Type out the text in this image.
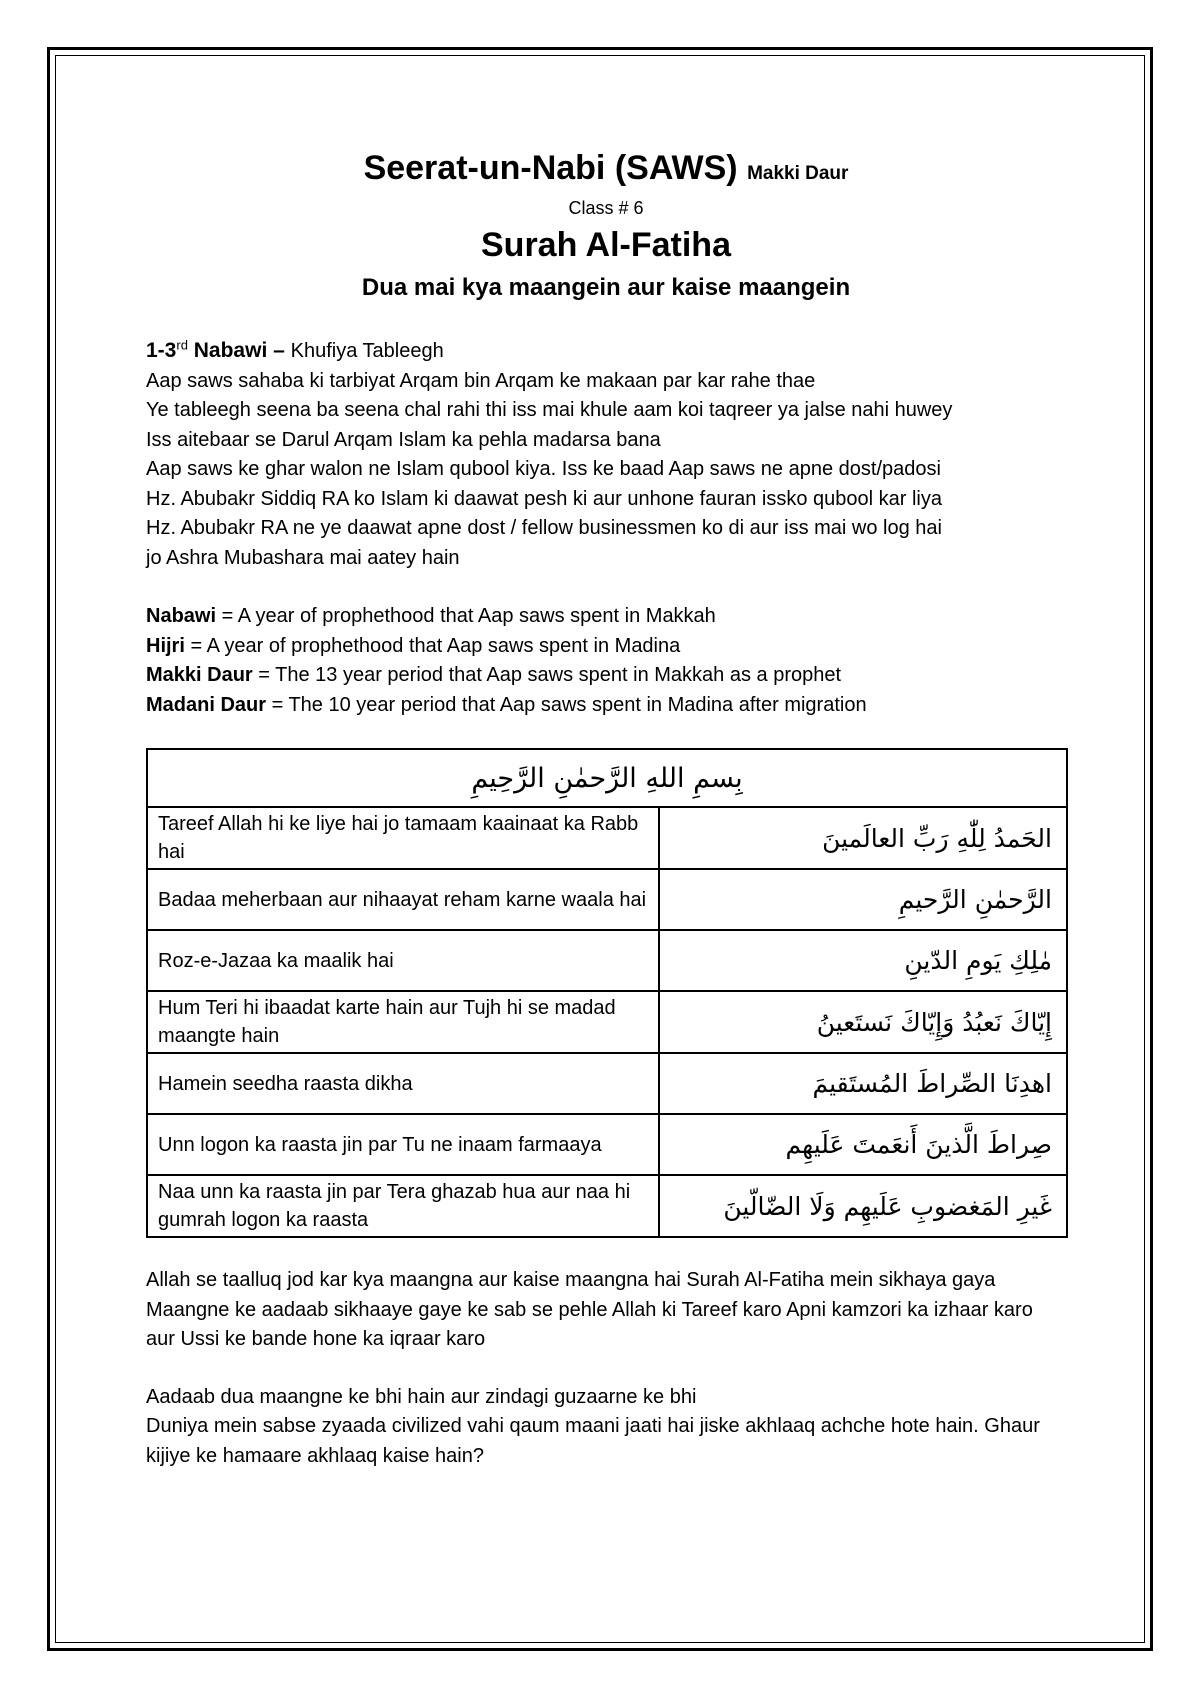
Seerat-un-Nabi (SAWS) Makki Daur
Class # 6
Surah Al-Fatiha
Dua mai kya maangein aur kaise maangein
1-3rd Nabawi – Khufiya Tableegh
Aap saws sahaba ki tarbiyat Arqam bin Arqam ke makaan par kar rahe thae
Ye tableegh seena ba seena chal rahi thi iss mai khule aam koi taqreer ya jalse nahi huwey
Iss aitebaar se Darul Arqam Islam ka pehla madarsa bana
Aap saws ke ghar walon ne Islam qubool kiya. Iss ke baad Aap saws ne apne dost/padosi
Hz. Abubakr Siddiq RA ko Islam ki daawat pesh ki aur unhone fauran issko qubool kar liya
Hz. Abubakr RA ne ye daawat apne dost / fellow businessmen ko di aur iss mai wo log hai
jo Ashra Mubashara mai aatey hain
Nabawi = A year of prophethood that Aap saws spent in Makkah
Hijri = A year of prophethood that Aap saws spent in Madina
Makki Daur = The 13 year period that Aap saws spent in Makkah as a prophet
Madani Daur = The 10 year period that Aap saws spent in Madina after migration
بِسمِ اللهِ الرَّحمٰنِ الرَّحِيمِ	
Tareef Allah hi ke liye hai jo tamaam kaainaat ka Rabb hai	الحَمدُ لِلّٰهِ رَبِّ العالَمينَ
Badaa meherbaan aur nihaayat reham karne waala hai	الرَّحمٰنِ الرَّحيمِ
Roz-e-Jazaa ka maalik hai	مٰلِكِ يَومِ الدّينِ
Hum Teri hi ibaadat karte hain aur Tujh hi se madad maangte hain	إِيّاكَ نَعبُدُ وَإِيّاكَ نَستَعينُ
Hamein seedha raasta dikha	اهدِنَا الصِّراطَ المُستَقيمَ
Unn logon ka raasta jin par Tu ne inaam farmaaya	صِراطَ الَّذينَ أَنعَمتَ عَلَيهِم
Naa unn ka raasta jin par Tera ghazab hua aur naa hi gumrah logon ka raasta	غَيرِ المَغضوبِ عَلَيهِم وَلَا الضّالّينَ
Allah se taalluq jod kar kya maangna aur kaise maangna hai Surah Al-Fatiha mein sikhaya gaya
Maangne ke aadaab sikhaaye gaye ke sab se pehle Allah ki Tareef karo Apni kamzori ka izhaar karo aur Ussi ke bande hone ka iqraar karo
Aadaab dua maangne ke bhi hain aur zindagi guzaarne ke bhi
Duniya mein sabse zyaada civilized vahi qaum maani jaati hai jiske akhlaaq achche hote hain. Ghaur kijiye ke hamaare akhlaaq kaise hain?
